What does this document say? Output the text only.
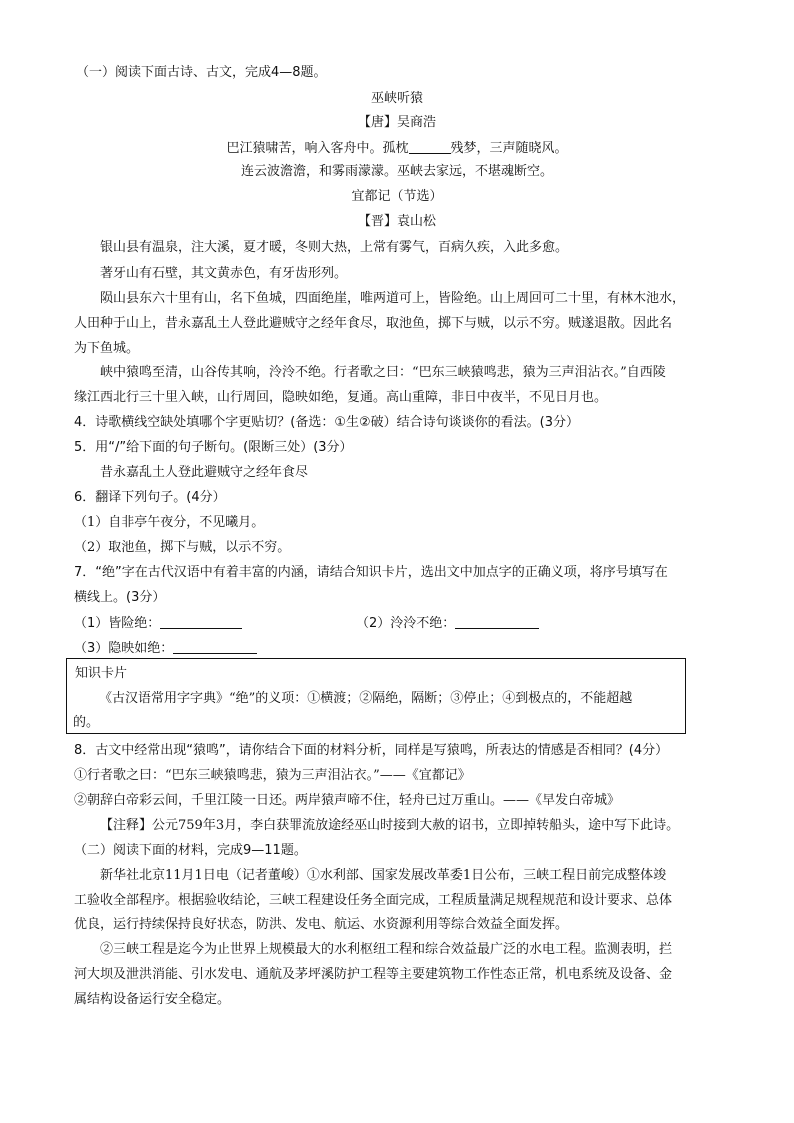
（一）阅读下面古诗、古文，完成4—8题。
巫峡听猿
【唐】吴商浩
巴江猿啸苦，响入客舟中。孤枕	残梦，三声随晓风。
连云波澹澹，和雾雨濛濛。巫峡去家远，不堪魂断空。
宜都记（节选）
【晋】袁山松
银山县有温泉，注大溪，夏才暖，冬则大热，上常有雾气，百病久疾，入此多愈。
著牙山有石壁，其文黄赤色，有牙齿形列。
陨山县东六十里有山，名下鱼城，四面绝崖，唯两道可上，皆险绝。山上周回可二十里，有林木池水，
人田种于山上，昔永嘉乱土人登此避贼守之经年食尽，取池鱼，掷下与贼，以示不穷。贼遂退散。因此名
为下鱼城。
峡中猿鸣至清，山谷传其响，泠泠不绝。行者歌之曰：“巴东三峡猿鸣悲，猿为三声泪沾衣。”自西陵
缘江西北行三十里入峡，山行周回，隐映如绝，复通。高山重障，非日中夜半，不见日月也。
4．诗歌横线空缺处填哪个字更贴切？(备选：①生②破）结合诗句谈谈你的看法。(3分）
5．用“/”给下面的句子断句。(限断三处）(3分）
昔永嘉乱土人登此避贼守之经年食尽
6．翻译下列句子。(4分）
（1）自非亭午夜分，不见曦月。
（2）取池鱼，掷下与贼，以示不穷。
7．“绝”字在古代汉语中有着丰富的内涵，请结合知识卡片，选出文中加点字的正确义项，将序号填写在
横线上。(3分）
（1）皆险绝：	（2）泠泠不绝：
（3）隐映如绝：
知识卡片
《古汉语常用字字典》“绝”的义项：①横渡；②隔绝，隔断；③停止；④到极点的，不能超越
的。
8．古文中经常出现“猿鸣”，请你结合下面的材料分析，同样是写猿鸣，所表达的情感是否相同？(4分）
①行者歌之曰：“巴东三峡猿鸣悲，猿为三声泪沾衣。”——《宜都记》
②朝辞白帝彩云间，千里江陵一日还。两岸猿声啼不住，轻舟已过万重山。——《早发白帝城》
【注释】公元759年3月，李白获罪流放途经巫山时接到大赦的诏书，立即掉转船头，途中写下此诗。
（二）阅读下面的材料，完成9—11题。
新华社北京11月1日电（记者董峻）①水利部、国家发展改革委1日公布，三峡工程日前完成整体竣
工验收全部程序。根据验收结论，三峡工程建设任务全面完成，工程质量满足规程规范和设计要求、总体
优良，运行持续保持良好状态，防洪、发电、航运、水资源利用等综合效益全面发挥。
②三峡工程是迄今为止世界上规模最大的水利枢纽工程和综合效益最广泛的水电工程。监测表明，拦
河大坝及泄洪消能、引水发电、通航及茅坪溪防护工程等主要建筑物工作性态正常，机电系统及设备、金
属结构设备运行安全稳定。
